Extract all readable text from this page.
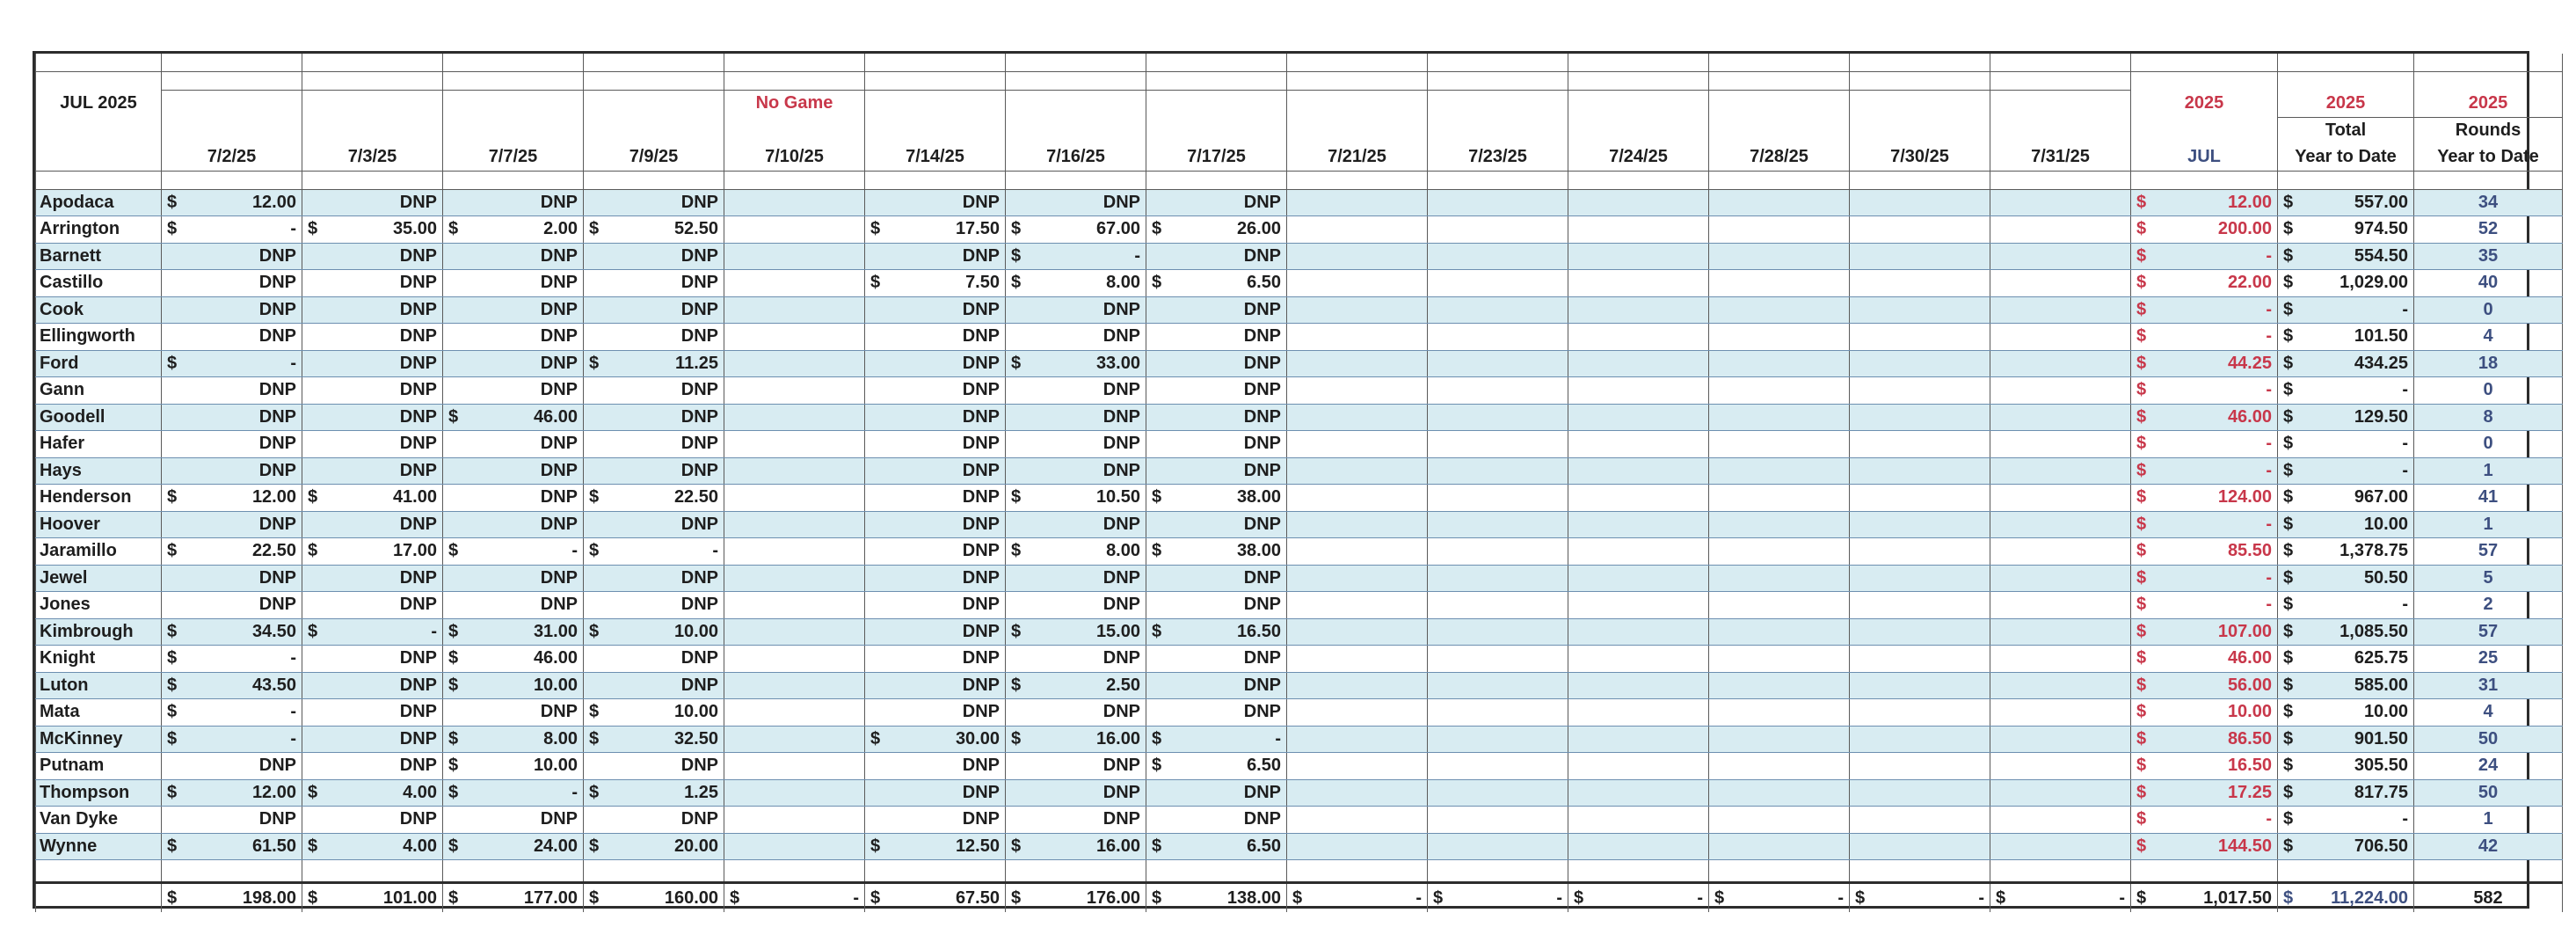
JUL 2025					No Game										2025	2025	2025
																Total	Rounds
	7/2/25	7/3/25	7/7/25	7/9/25	7/10/25	7/14/25	7/16/25	7/17/25	7/21/25	7/23/25	7/24/25	7/28/25	7/30/25	7/31/25	JUL	Year to Date	Year to Date

Apodaca	$ 12.00	DNP	DNP	DNP		DNP	DNP	DNP							$ 12.00	$ 557.00	34
Arrington	$ -	$ 35.00	$ 2.00	$ 52.50		$ 17.50	$ 67.00	$ 26.00							$ 200.00	$ 974.50	52
Barnett	DNP	DNP	DNP	DNP		DNP	$ -	DNP							$ -	$ 554.50	35
Castillo	DNP	DNP	DNP	DNP		$ 7.50	$ 8.00	$ 6.50							$ 22.00	$ 1,029.00	40
Cook	DNP	DNP	DNP	DNP		DNP	DNP	DNP							$ -	$ -	0
Ellingworth	DNP	DNP	DNP	DNP		DNP	DNP	DNP							$ -	$ 101.50	4
Ford	$ -	DNP	DNP	$ 11.25		DNP	$ 33.00	DNP							$ 44.25	$ 434.25	18
Gann	DNP	DNP	DNP	DNP		DNP	DNP	DNP							$ -	$ -	0
Goodell	DNP	DNP	$ 46.00	DNP		DNP	DNP	DNP							$ 46.00	$ 129.50	8
Hafer	DNP	DNP	DNP	DNP		DNP	DNP	DNP							$ -	$ -	0
Hays	DNP	DNP	DNP	DNP		DNP	DNP	DNP							$ -	$ -	1
Henderson	$ 12.00	$ 41.00	DNP	$ 22.50		DNP	$ 10.50	$ 38.00							$ 124.00	$ 967.00	41
Hoover	DNP	DNP	DNP	DNP		DNP	DNP	DNP							$ -	$ 10.00	1
Jaramillo	$ 22.50	$ 17.00	$ -	$ -		DNP	$ 8.00	$ 38.00							$ 85.50	$ 1,378.75	57
Jewel	DNP	DNP	DNP	DNP		DNP	DNP	DNP							$ -	$ 50.50	5
Jones	DNP	DNP	DNP	DNP		DNP	DNP	DNP							$ -	$ -	2
Kimbrough	$ 34.50	$ -	$ 31.00	$ 10.00		DNP	$ 15.00	$ 16.50							$ 107.00	$ 1,085.50	57
Knight	$ -	DNP	$ 46.00	DNP		DNP	DNP	DNP							$ 46.00	$ 625.75	25
Luton	$ 43.50	DNP	$ 10.00	DNP		DNP	$ 2.50	DNP							$ 56.00	$ 585.00	31
Mata	$ -	DNP	DNP	$ 10.00		DNP	DNP	DNP							$ 10.00	$ 10.00	4
McKinney	$ -	DNP	$ 8.00	$ 32.50		$ 30.00	$ 16.00	$ -							$ 86.50	$ 901.50	50
Putnam	DNP	DNP	$ 10.00	DNP		DNP	DNP	$ 6.50							$ 16.50	$ 305.50	24
Thompson	$ 12.00	$ 4.00	$ -	$ 1.25		DNP	DNP	DNP							$ 17.25	$ 817.75	50
Van Dyke	DNP	DNP	DNP	DNP		DNP	DNP	DNP							$ -	$ -	1
Wynne	$ 61.50	$ 4.00	$ 24.00	$ 20.00		$ 12.50	$ 16.00	$ 6.50							$ 144.50	$ 706.50	42

	$ 198.00	$ 101.00	$ 177.00	$ 160.00	$ -	$ 67.50	$ 176.00	$ 138.00	$ -	$ -	$ -	$ -	$ -	$ -	$ 1,017.50	$ 11,224.00	582
